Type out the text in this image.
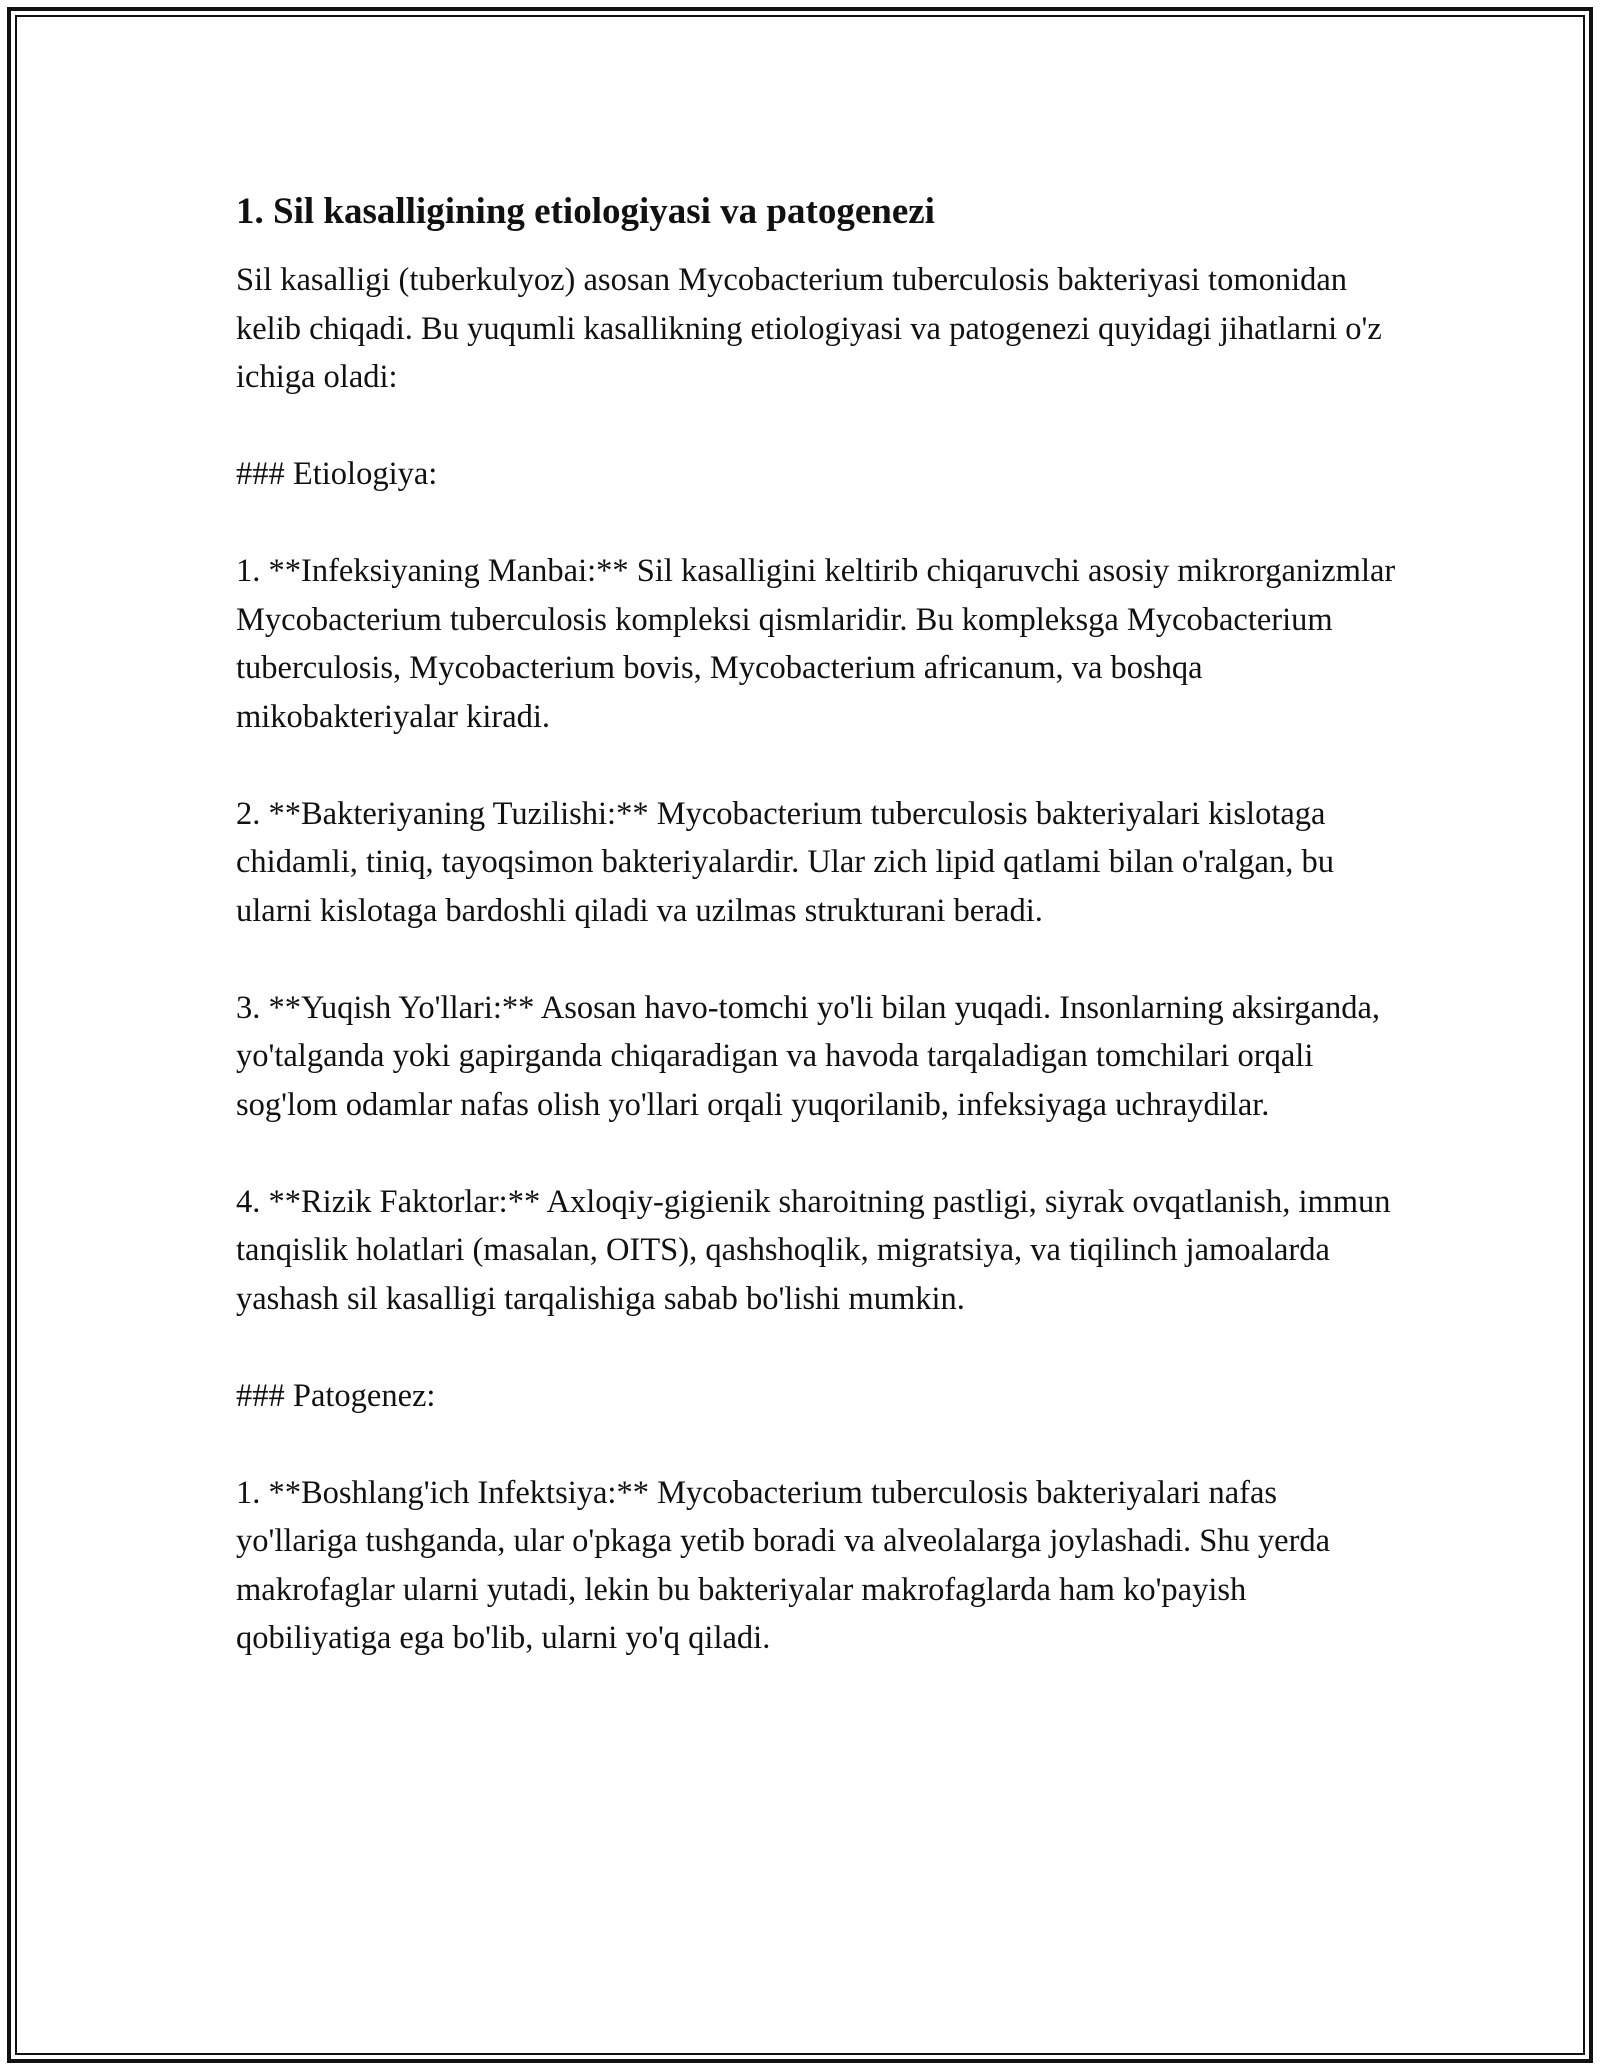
1. Sil kasalligining etiologiyasi va patogenezi

Sil kasalligi (tuberkulyoz) asosan Mycobacterium tuberculosis bakteriyasi tomonidan kelib chiqadi. Bu yuqumli kasallikning etiologiyasi va patogenezi quyidagi jihatlarni o'z ichiga oladi:

### Etiologiya:

1. **Infeksiyaning Manbai:** Sil kasalligini keltirib chiqaruvchi asosiy mikrorganizmlar Mycobacterium tuberculosis kompleksi qismlaridir. Bu kompleksga Mycobacterium tuberculosis, Mycobacterium bovis, Mycobacterium africanum, va boshqa mikobakteriyalar kiradi.

2. **Bakteriyaning Tuzilishi:** Mycobacterium tuberculosis bakteriyalari kislotaga chidamli, tiniq, tayoqsimon bakteriyalardir. Ular zich lipid qatlami bilan o'ralgan, bu ularni kislotaga bardoshli qiladi va uzilmas strukturani beradi.

3. **Yuqish Yo'llari:** Asosan havo-tomchi yo'li bilan yuqadi. Insonlarning aksirganda, yo'talganda yoki gapirganda chiqaradigan va havoda tarqaladigan tomchilari orqali sog'lom odamlar nafas olish yo'llari orqali yuqorilanib, infeksiyaga uchraydilar.

4. **Rizik Faktorlar:** Axloqiy-gigienik sharoitning pastligi, siyrak ovqatlanish, immun tanqislik holatlari (masalan, OITS), qashshoqlik, migratsiya, va tiqilinch jamoalarda yashash sil kasalligi tarqalishiga sabab bo'lishi mumkin.

### Patogenez:

1. **Boshlang'ich Infektsiya:** Mycobacterium tuberculosis bakteriyalari nafas yo'llariga tushganda, ular o'pkaga yetib boradi va alveolalarga joylashadi. Shu yerda makrofaglar ularni yutadi, lekin bu bakteriyalar makrofaglarda ham ko'payish qobiliyatiga ega bo'lib, ularni yo'q qiladi.
